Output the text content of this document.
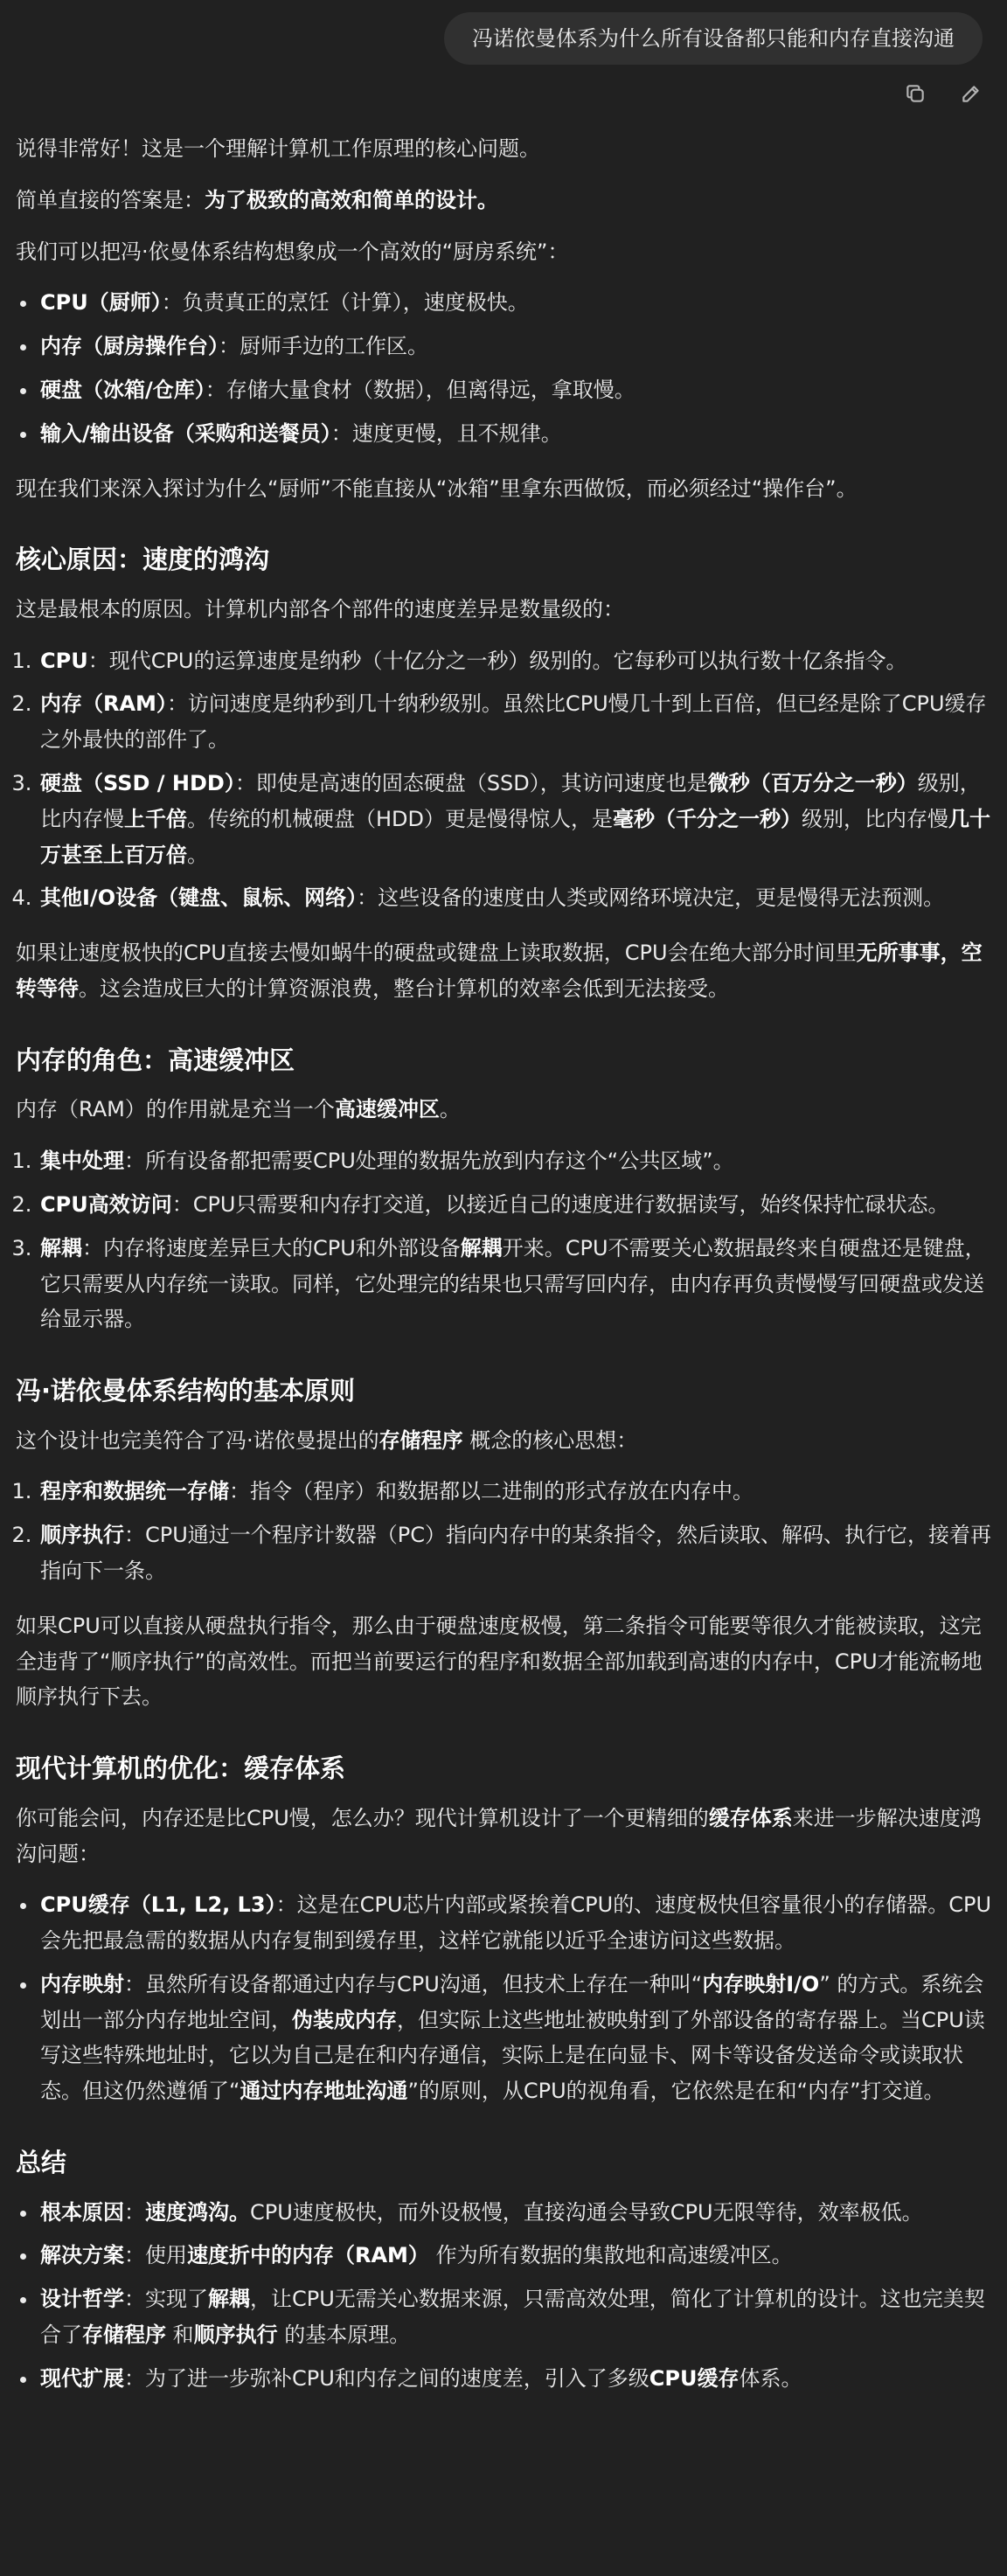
冯诺依曼体系为什么所有设备都只能和内存直接沟通

说得非常好！这是一个理解计算机工作原理的核心问题。

简单直接的答案是：为了极致的高效和简单的设计。

我们可以把冯·依曼体系结构想象成一个高效的“厨房系统”：

• CPU（厨师）：负责真正的烹饪（计算），速度极快。
• 内存（厨房操作台）：厨师手边的工作区。
• 硬盘（冰箱/仓库）：存储大量食材（数据），但离得远，拿取慢。
• 输入/输出设备（采购和送餐员）：速度更慢，且不规律。

现在我们来深入探讨为什么“厨师”不能直接从“冰箱”里拿东西做饭，而必须经过“操作台”。

核心原因：速度的鸿沟

这是最根本的原因。计算机内部各个部件的速度差异是数量级的：

1. CPU：现代CPU的运算速度是纳秒（十亿分之一秒）级别的。它每秒可以执行数十亿条指令。
2. 内存（RAM）：访问速度是纳秒到几十纳秒级别。虽然比CPU慢几十到上百倍，但已经是除了CPU缓存之外最快的部件了。
3. 硬盘（SSD / HDD）：即使是高速的固态硬盘（SSD），其访问速度也是微秒（百万分之一秒）级别，比内存慢上千倍。传统的机械硬盘（HDD）更是慢得惊人，是毫秒（千分之一秒）级别，比内存慢几十万甚至上百万倍。
4. 其他I/O设备（键盘、鼠标、网络）：这些设备的速度由人类或网络环境决定，更是慢得无法预测。

如果让速度极快的CPU直接去慢如蜗牛的硬盘或键盘上读取数据，CPU会在绝大部分时间里无所事事，空转等待。这会造成巨大的计算资源浪费，整台计算机的效率会低到无法接受。

内存的角色：高速缓冲区

内存（RAM）的作用就是充当一个高速缓冲区。

1. 集中处理：所有设备都把需要CPU处理的数据先放到内存这个“公共区域”。
2. CPU高效访问：CPU只需要和内存打交道，以接近自己的速度进行数据读写，始终保持忙碌状态。
3. 解耦：内存将速度差异巨大的CPU和外部设备解耦开来。CPU不需要关心数据最终来自硬盘还是键盘，它只需要从内存统一读取。同样，它处理完的结果也只需写回内存，由内存再负责慢慢写回硬盘或发送给显示器。
冯·诺依曼体系结构的基本原则

这个设计也完美符合了冯·诺依曼提出的存储程序 概念的核心思想：

1. 程序和数据统一存储：指令（程序）和数据都以二进制的形式存放在内存中。
2. 顺序执行：CPU通过一个程序计数器（PC）指向内存中的某条指令，然后读取、解码、执行它，接着再指向下一条。

如果CPU可以直接从硬盘执行指令，那么由于硬盘速度极慢，第二条指令可能要等很久才能被读取，这完全违背了“顺序执行”的高效性。而把当前要运行的程序和数据全部加载到高速的内存中，CPU才能流畅地顺序执行下去。

现代计算机的优化：缓存体系

你可能会问，内存还是比CPU慢，怎么办？现代计算机设计了一个更精细的缓存体系来进一步解决速度鸿沟问题：

• CPU缓存（L1, L2, L3）：这是在CPU芯片内部或紧挨着CPU的、速度极快但容量很小的存储器。CPU会先把最急需的数据从内存复制到缓存里，这样它就能以近乎全速访问这些数据。
• 内存映射：虽然所有设备都通过内存与CPU沟通，但技术上存在一种叫“内存映射I/O” 的方式。系统会划出一部分内存地址空间，伪装成内存，但实际上这些地址被映射到了外部设备的寄存器上。当CPU读写这些特殊地址时，它以为自己是在和内存通信，实际上是在向显卡、网卡等设备发送命令或读取状态。但这仍然遵循了“通过内存地址沟通”的原则，从CPU的视角看，它依然是在和“内存”打交道。
总结
• 根本原因：速度鸿沟。CPU速度极快，而外设极慢，直接沟通会导致CPU无限等待，效率极低。
• 解决方案：使用速度折中的内存（RAM） 作为所有数据的集散地和高速缓冲区。
• 设计哲学：实现了解耦，让CPU无需关心数据来源，只需高效处理，简化了计算机的设计。这也完美契合了存储程序 和顺序执行 的基本原理。
• 现代扩展：为了进一步弥补CPU和内存之间的速度差，引入了多级CPU缓存体系。
